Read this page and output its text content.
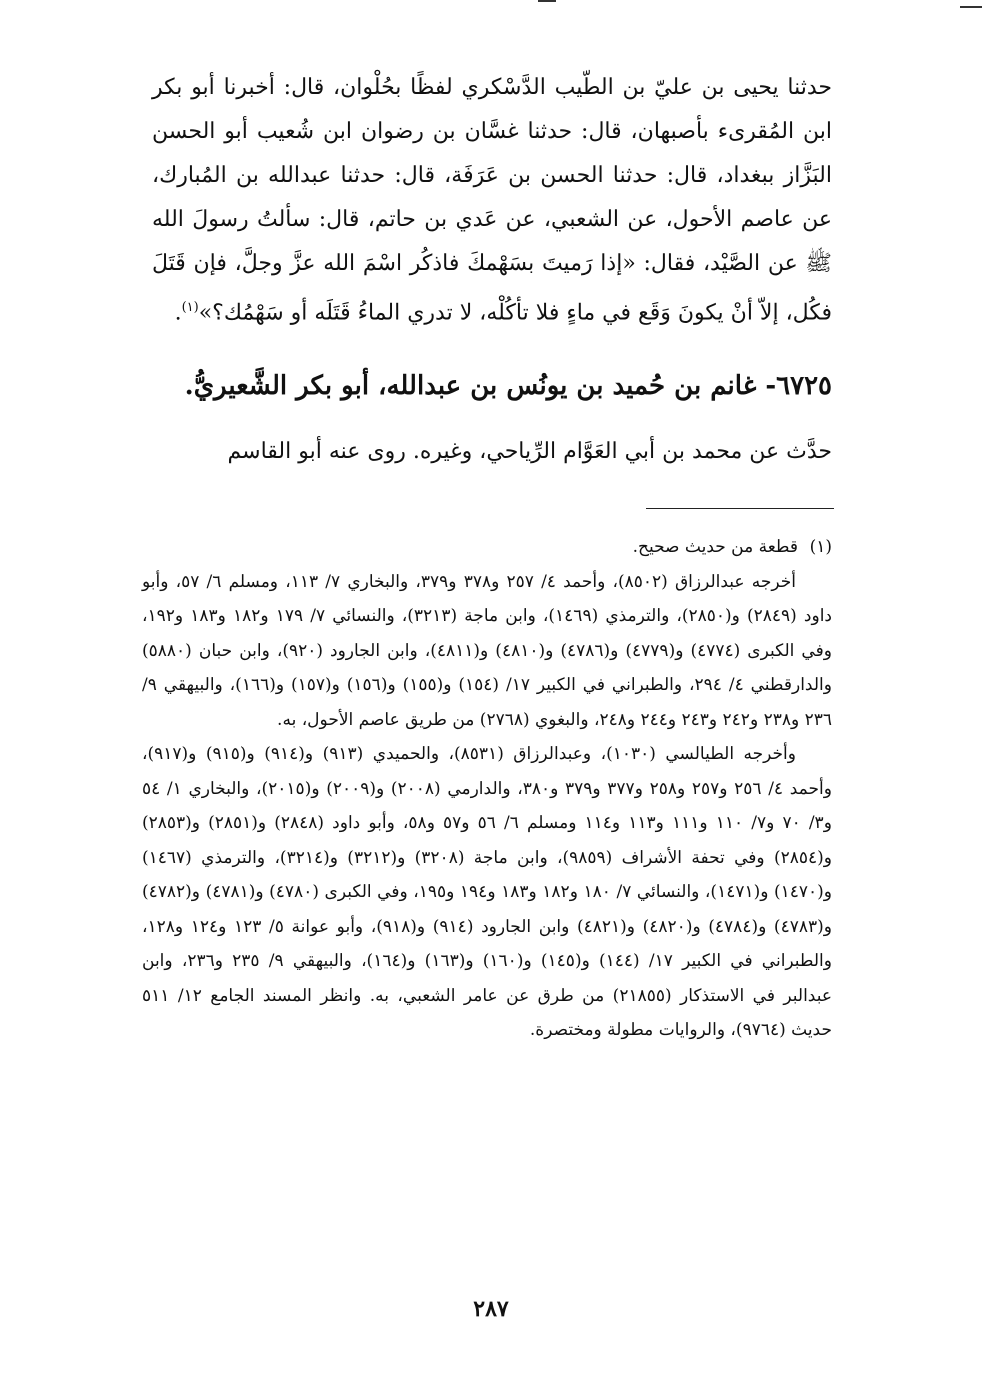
حدثنا يحيى بن عليّ بن الطّيب الدَّسْكري لفظًا بحُلْوان، قال: أخبرنا أبو بكر ابن المُقرىء بأصبهان، قال: حدثنا غسَّان بن رضوان ابن شُعيب أبو الحسن البَزَّاز ببغداد، قال: حدثنا الحسن بن عَرَفَة، قال: حدثنا عبدالله بن المُبارك، عن عاصم الأحول، عن الشعبي، عن عَدي بن حاتم، قال: سألتُ رسولَ الله ﷺ عن الصَّيْد، فقال: «إذا رَميتَ بسَهْمكَ فاذكُر اسْمَ الله عزَّ وجلَّ، فإن قَتَلَ فكُل، إلاّ أنْ يكونَ وَقَع في ماءٍ فلا تأكُلْه، لا تدري الماءُ قَتَلَه أو سَهْمُك؟»$^{(١)}$.

٦٧٢٥- غانم بن حُميد بن يونُس بن عبدالله، أبو بكر الشَّعيريُّ.
حدَّث عن محمد بن أبي العَوَّام الرِّياحي، وغيره. روى عنه أبو القاسم

(١)قطعة من حديث صحيح.

أخرجه عبدالرزاق (٨٥٠٢)، وأحمد ٤/ ٢٥٧ و٣٧٨ و٣٧٩، والبخاري ٧/ ١١٣، ومسلم ٦/ ٥٧، وأبو داود (٢٨٤٩) و(٢٨٥٠)، والترمذي (١٤٦٩)، وابن ماجة (٣٢١٣)، والنسائي ٧/ ١٧٩ و١٨٢ و١٨٣ و١٩٢، وفي الكبرى (٤٧٧٤) و(٤٧٧٩) و(٤٧٨٦) و(٤٨١٠) و(٤٨١١)، وابن الجارود (٩٢٠)، وابن حبان (٥٨٨٠) والدارقطني ٤/ ٢٩٤، والطبراني في الكبير ١٧/ (١٥٤) و(١٥٥) و(١٥٦) و(١٥٧) و(١٦٦)، والبيهقي ٩/ ٢٣٦ و٢٣٨ و٢٤٢ و٢٤٣ و٢٤٤ و٢٤٨، والبغوي (٢٧٦٨) من طريق عاصم الأحول، به.

وأخرجه الطيالسي (١٠٣٠)، وعبدالرزاق (٨٥٣١)، والحميدي (٩١٣) و(٩١٤) و(٩١٥) و(٩١٧)، وأحمد ٤/ ٢٥٦ و٢٥٧ و٢٥٨ و٣٧٧ و٣٧٩ و٣٨٠، والدارمي (٢٠٠٨) و(٢٠٠٩) و(٢٠١٥)، والبخاري ١/ ٥٤ و٣/ ٧٠ و٧/ ١١٠ و١١١ و١١٣ و١١٤ ومسلم ٦/ ٥٦ و٥٧ و٥٨، وأبو داود (٢٨٤٨) و(٢٨٥١) و(٢٨٥٣) و(٢٨٥٤) وفي تحفة الأشراف (٩٨٥٩)، وابن ماجة (٣٢٠٨) و(٣٢١٢) و(٣٢١٤)، والترمذي (١٤٦٧) و(١٤٧٠) و(١٤٧١)، والنسائي ٧/ ١٨٠ و١٨٢ و١٨٣ و١٩٤ و١٩٥، وفي الكبرى (٤٧٨٠) و(٤٧٨١) و(٤٧٨٢) و(٤٧٨٣) و(٤٧٨٤) و(٤٨٢٠) و(٤٨٢١) وابن الجارود (٩١٤) و(٩١٨)، وأبو عوانة ٥/ ١٢٣ و١٢٤ و١٢٨، والطبراني في الكبير ١٧/ (١٤٤) و(١٤٥) و(١٦٠) و(١٦٣) و(١٦٤)، والبيهقي ٩/ ٢٣٥ و٢٣٦، وابن عبدالبر في الاستذكار (٢١٨٥٥) من طرق عن عامر الشعبي، به. وانظر المسند الجامع ١٢/ ٥١١ حديث (٩٧٦٤)، والروايات مطولة ومختصرة.

٢٨٧
